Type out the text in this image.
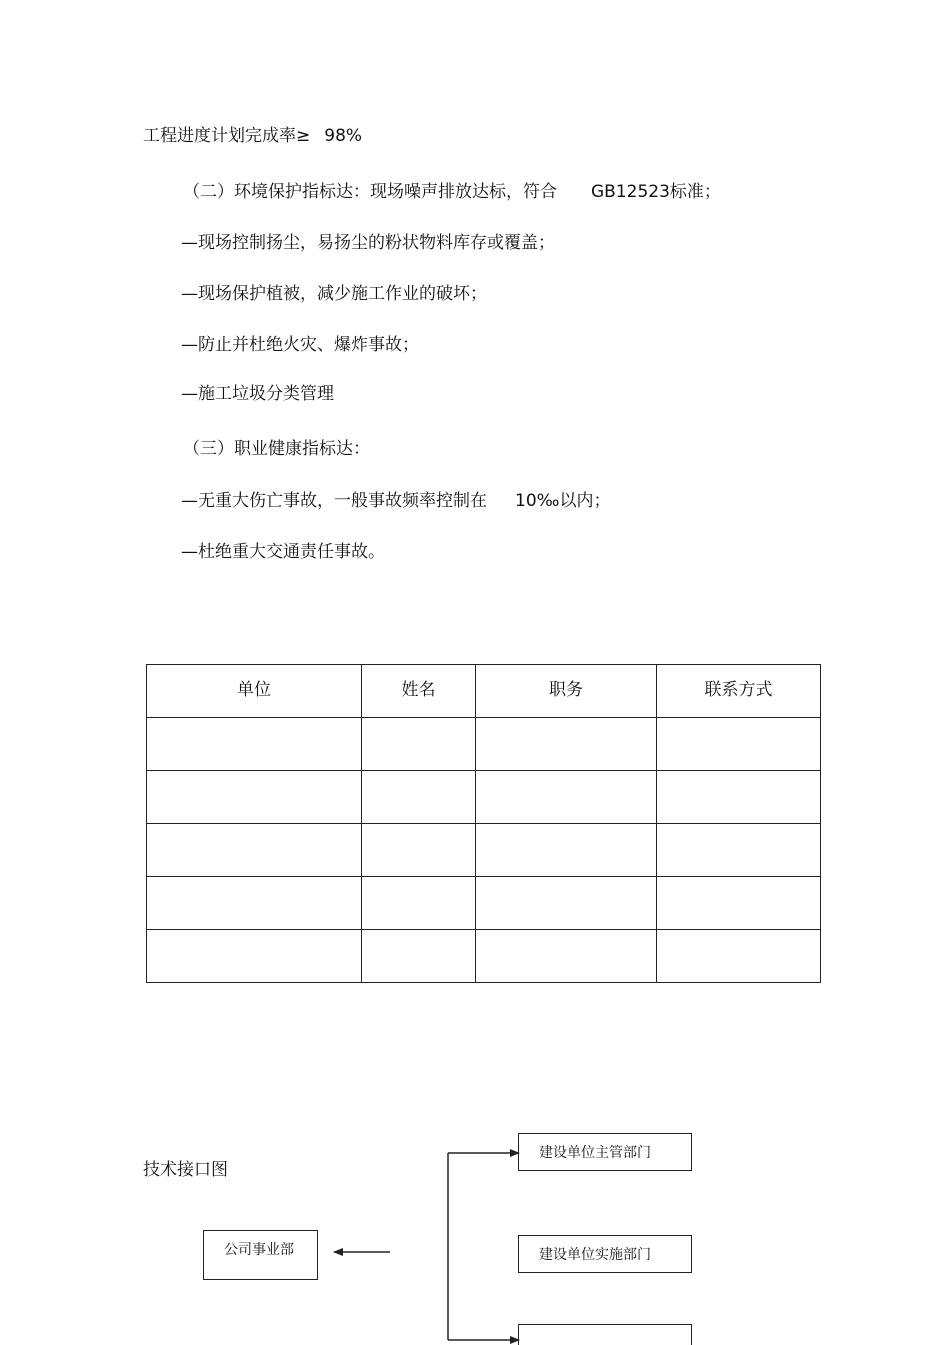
工程进度计划完成率≥ 98%
（二）环境保护指标达：现场噪声排放达标，符合 GB12523标准；
—现场控制扬尘，易扬尘的粉状物料库存或覆盖；
—现场保护植被，减少施工作业的破坏；
—防止并杜绝火灾、爆炸事故；
—施工垃圾分类管理
（三）职业健康指标达：
—无重大伤亡事故，一般事故频率控制在 10‰以内；
—杜绝重大交通责任事故。
单位	姓名	职务	联系方式

技术接口图
公司事业部
建设单位主管部门
建设单位实施部门
